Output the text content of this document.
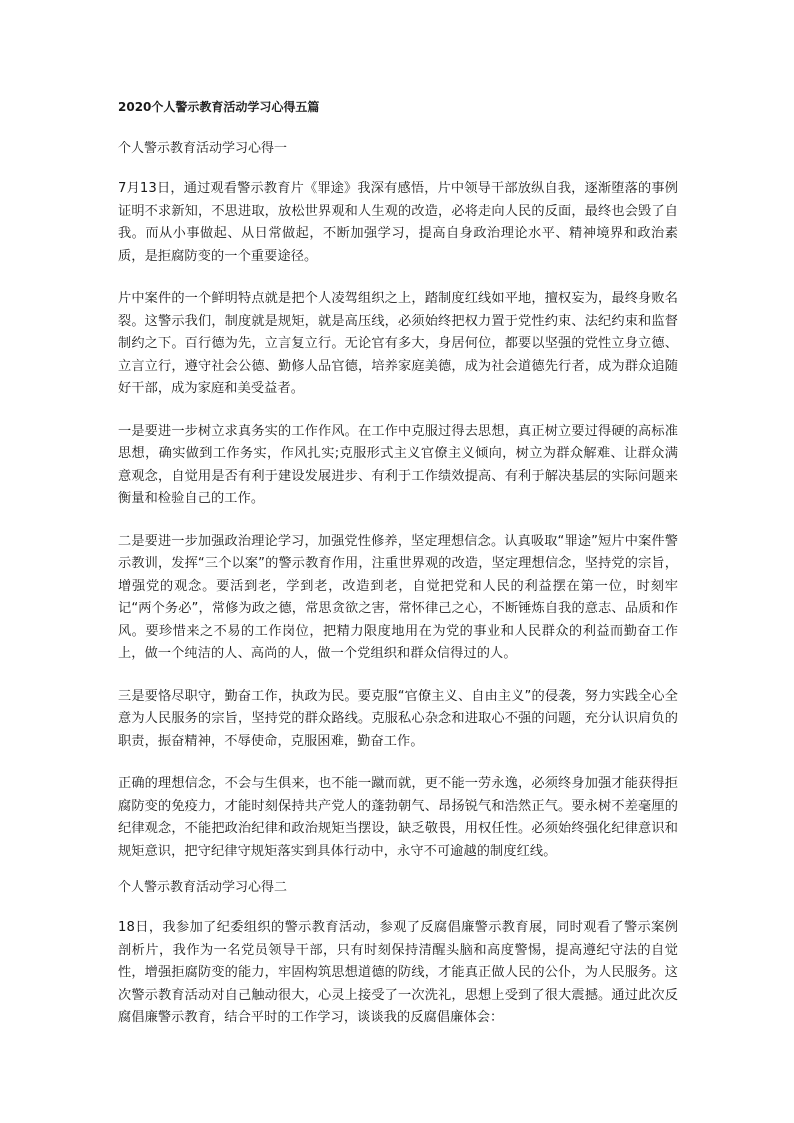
2020个人警示教育活动学习心得五篇
个人警示教育活动学习心得一

7月13日，通过观看警示教育片《罪途》我深有感悟，片中领导干部放纵自我，逐渐堕落的事例证明不求新知，不思进取，放松世界观和人生观的改造，必将走向人民的反面，最终也会毁了自我。而从小事做起、从日常做起，不断加强学习，提高自身政治理论水平、精神境界和政治素质，是拒腐防变的一个重要途径。

片中案件的一个鲜明特点就是把个人凌驾组织之上，踏制度红线如平地，擅权妄为，最终身败名裂。这警示我们，制度就是规矩，就是高压线，必须始终把权力置于党性约束、法纪约束和监督制约之下。百行德为先，立言复立行。无论官有多大，身居何位，都要以坚强的党性立身立德、立言立行，遵守社会公德、勤修人品官德，培养家庭美德，成为社会道德先行者，成为群众追随好干部，成为家庭和美受益者。

一是要进一步树立求真务实的工作作风。在工作中克服过得去思想，真正树立要过得硬的高标准思想，确实做到工作务实，作风扎实;克服形式主义官僚主义倾向，树立为群众解难、让群众满意观念，自觉用是否有利于建设发展进步、有利于工作绩效提高、有利于解决基层的实际问题来衡量和检验自己的工作。

二是要进一步加强政治理论学习，加强党性修养，坚定理想信念。认真吸取“罪途”短片中案件警示教训，发挥“三个以案”的警示教育作用，注重世界观的改造，坚定理想信念，坚持党的宗旨，增强党的观念。要活到老，学到老，改造到老，自觉把党和人民的利益摆在第一位，时刻牢记“两个务必”，常修为政之德，常思贪欲之害，常怀律己之心，不断锤炼自我的意志、品质和作风。要珍惜来之不易的工作岗位，把精力限度地用在为党的事业和人民群众的利益而勤奋工作上，做一个纯洁的人、高尚的人，做一个党组织和群众信得过的人。

三是要恪尽职守，勤奋工作，执政为民。要克服“官僚主义、自由主义”的侵袭，努力实践全心全意为人民服务的宗旨，坚持党的群众路线。克服私心杂念和进取心不强的问题，充分认识肩负的职责，振奋精神，不辱使命，克服困难，勤奋工作。

正确的理想信念，不会与生俱来，也不能一蹴而就，更不能一劳永逸，必须终身加强才能获得拒腐防变的免疫力，才能时刻保持共产党人的蓬勃朝气、昂扬锐气和浩然正气。要永树不差毫厘的纪律观念，不能把政治纪律和政治规矩当摆设，缺乏敬畏，用权任性。必须始终强化纪律意识和规矩意识，把守纪律守规矩落实到具体行动中，永守不可逾越的制度红线。

个人警示教育活动学习心得二

18日，我参加了纪委组织的警示教育活动，参观了反腐倡廉警示教育展，同时观看了警示案例剖析片，我作为一名党员领导干部，只有时刻保持清醒头脑和高度警惕，提高遵纪守法的自觉性，增强拒腐防变的能力，牢固构筑思想道德的防线，才能真正做人民的公仆，为人民服务。这次警示教育活动对自己触动很大，心灵上接受了一次洗礼，思想上受到了很大震撼。通过此次反腐倡廉警示教育，结合平时的工作学习，谈谈我的反腐倡廉体会：
